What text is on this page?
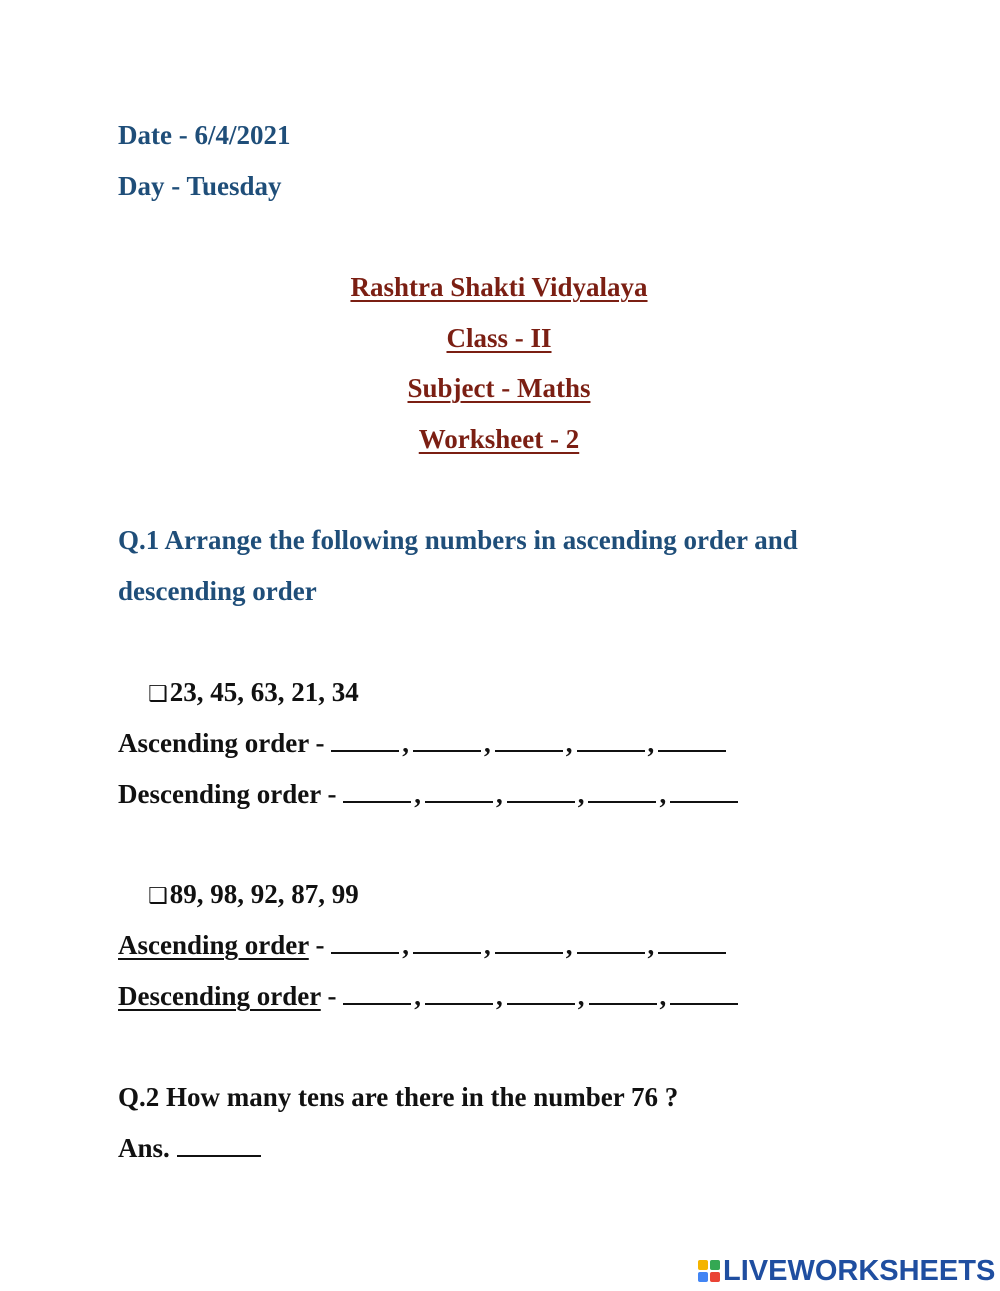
Date - 6/4/2021
Day - Tuesday
Rashtra Shakti Vidyalaya
Class - II
Subject - Maths
Worksheet - 2
Q.1 Arrange the following numbers in ascending order and
descending order
❑23, 45, 63, 21, 34
Ascending order -	,	,	,	,
Descending order -	,	,	,	,
❑89, 98, 92, 87, 99
Ascending order -	,	,	,	,
Descending order -	,	,	,	,
Q.2 How many tens are there in the number 76 ?
Ans.
LIVEWORKSHEETS
